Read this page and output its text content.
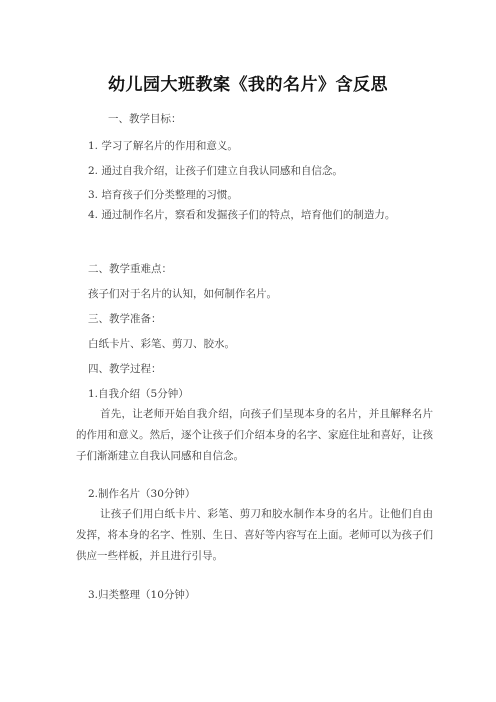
幼儿园大班教案《我的名片》含反思
一、教学目标：
1. 学习了解名片的作用和意义。
2. 通过自我介绍，让孩子们建立自我认同感和自信念。
3. 培育孩子们分类整理的习惯。
4. 通过制作名片，察看和发掘孩子们的特点，培育他们的制造力。
二、教学重难点：
孩子们对于名片的认知，如何制作名片。
三、教学准备：
白纸卡片、彩笔、剪刀、胶水。
四、教学过程：
1.自我介绍（5分钟）
首先，让老师开始自我介绍，向孩子们呈现本身的名片，并且解释名片的作用和意义。然后，逐个让孩子们介绍本身的名字、家庭住址和喜好，让孩子们渐渐建立自我认同感和自信念。
2.制作名片（30分钟）
让孩子们用白纸卡片、彩笔、剪刀和胶水制作本身的名片。让他们自由发挥，将本身的名字、性别、生日、喜好等内容写在上面。老师可以为孩子们供应一些样板，并且进行引导。
3.归类整理（10分钟）
